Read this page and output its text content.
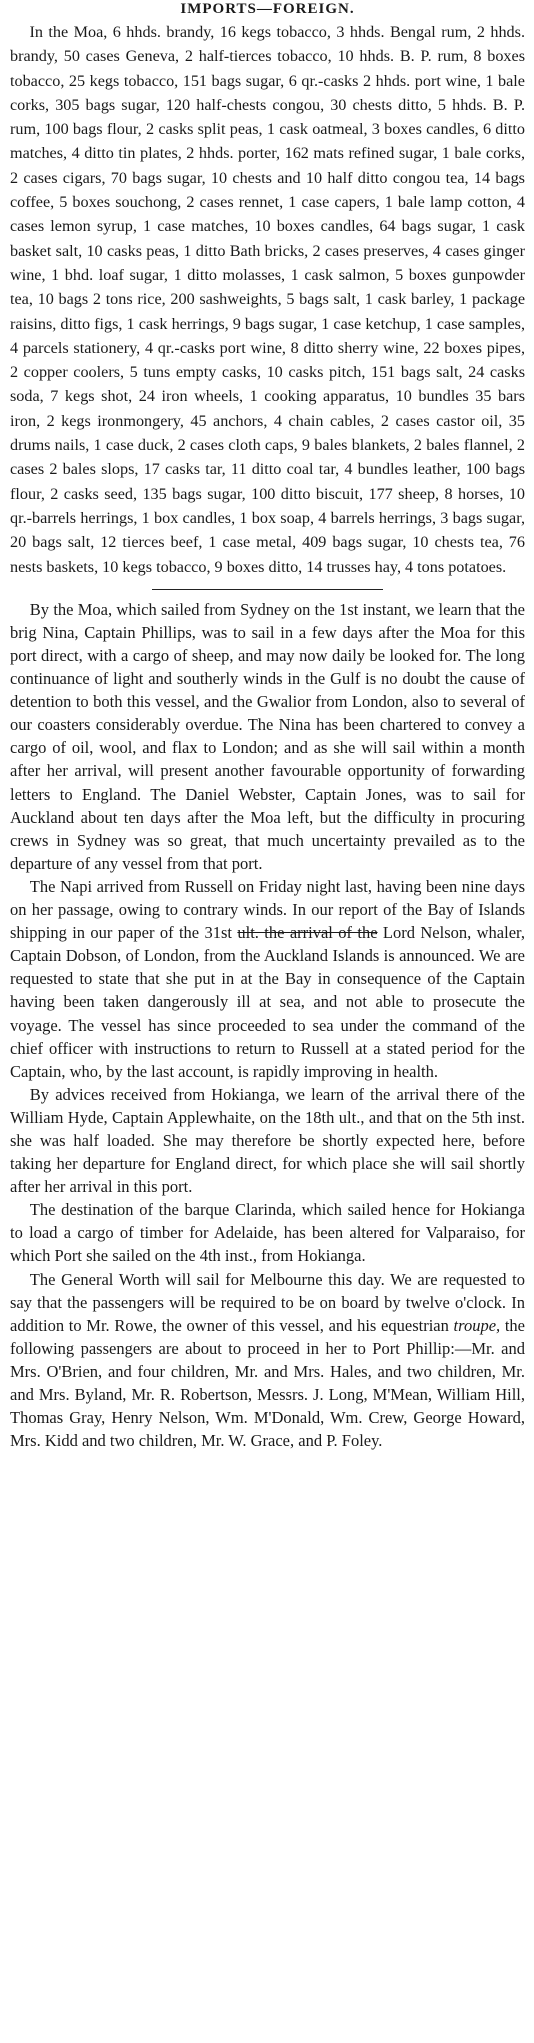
IMPORTS—FOREIGN.

In the Moa, 6 hhds. brandy, 16 kegs tobacco, 3 hhds. Bengal rum, 2 hhds. brandy, 50 cases Geneva, 2 half-tierces tobacco, 10 hhds. B. P. rum, 8 boxes tobacco, 25 kegs tobacco, 151 bags sugar, 6 qr.-casks 2 hhds. port wine, 1 bale corks, 305 bags sugar, 120 half-chests congou, 30 chests ditto, 5 hhds. B. P. rum, 100 bags flour, 2 casks split peas, 1 cask oatmeal, 3 boxes candles, 6 ditto matches, 4 ditto tin plates, 2 hhds. porter, 162 mats refined sugar, 1 bale corks, 2 cases cigars, 70 bags sugar, 10 chests and 10 half ditto congou tea, 14 bags coffee, 5 boxes souchong, 2 cases rennet, 1 case capers, 1 bale lamp cotton, 4 cases lemon syrup, 1 case matches, 10 boxes candles, 64 bags sugar, 1 cask basket salt, 10 casks peas, 1 ditto Bath bricks, 2 cases preserves, 4 cases ginger wine, 1 bhd. loaf sugar, 1 ditto molasses, 1 cask salmon, 5 boxes gunpowder tea, 10 bags 2 tons rice, 200 sashweights, 5 bags salt, 1 cask barley, 1 package raisins, ditto figs, 1 cask herrings, 9 bags sugar, 1 case ketchup, 1 case samples, 4 parcels stationery, 4 qr.-casks port wine, 8 ditto sherry wine, 22 boxes pipes, 2 copper coolers, 5 tuns empty casks, 10 casks pitch, 151 bags salt, 24 casks soda, 7 kegs shot, 24 iron wheels, 1 cooking apparatus, 10 bundles 35 bars iron, 2 kegs ironmongery, 45 anchors, 4 chain cables, 2 cases castor oil, 35 drums nails, 1 case duck, 2 cases cloth caps, 9 bales blankets, 2 bales flannel, 2 cases 2 bales slops, 17 casks tar, 11 ditto coal tar, 4 bundles leather, 100 bags flour, 2 casks seed, 135 bags sugar, 100 ditto biscuit, 177 sheep, 8 horses, 10 qr.-barrels herrings, 1 box candles, 1 box soap, 4 barrels herrings, 3 bags sugar, 20 bags salt, 12 tierces beef, 1 case metal, 409 bags sugar, 10 chests tea, 76 nests baskets, 10 kegs tobacco, 9 boxes ditto, 14 trusses hay, 4 tons potatoes.

By the Moa, which sailed from Sydney on the 1st instant, we learn that the brig Nina, Captain Phillips, was to sail in a few days after the Moa for this port direct, with a cargo of sheep, and may now daily be looked for. The long continuance of light and southerly winds in the Gulf is no doubt the cause of detention to both this vessel, and the Gwalior from London, also to several of our coasters considerably overdue. The Nina has been chartered to convey a cargo of oil, wool, and flax to London; and as she will sail within a month after her arrival, will present another favourable opportunity of forwarding letters to England. The Daniel Webster, Captain Jones, was to sail for Auckland about ten days after the Moa left, but the difficulty in procuring crews in Sydney was so great, that much uncertainty prevailed as to the departure of any vessel from that port.

The Napi arrived from Russell on Friday night last, having been nine days on her passage, owing to contrary winds. In our report of the Bay of Islands shipping in our paper of the 31st ult. the arrival of the Lord Nelson, whaler, Captain Dobson, of London, from the Auckland Islands is announced. We are requested to state that she put in at the Bay in consequence of the Captain having been taken dangerously ill at sea, and not able to prosecute the voyage. The vessel has since proceeded to sea under the command of the chief officer with instructions to return to Russell at a stated period for the Captain, who, by the last account, is rapidly improving in health.

By advices received from Hokianga, we learn of the arrival there of the William Hyde, Captain Applewhaite, on the 18th ult., and that on the 5th inst. she was half loaded. She may therefore be shortly expected here, before taking her departure for England direct, for which place she will sail shortly after her arrival in this port.

The destination of the barque Clarinda, which sailed hence for Hokianga to load a cargo of timber for Adelaide, has been altered for Valparaiso, for which Port she sailed on the 4th inst., from Hokianga.

The General Worth will sail for Melbourne this day. We are requested to say that the passengers will be required to be on board by twelve o'clock. In addition to Mr. Rowe, the owner of this vessel, and his equestrian troupe, the following passengers are about to proceed in her to Port Phillip:—Mr. and Mrs. O'Brien, and four children, Mr. and Mrs. Hales, and two children, Mr. and Mrs. Byland, Mr. R. Robertson, Messrs. J. Long, M'Mean, William Hill, Thomas Gray, Henry Nelson, Wm. M'Donald, Wm. Crew, George Howard, Mrs. Kidd and two children, Mr. W. Grace, and P. Foley.
